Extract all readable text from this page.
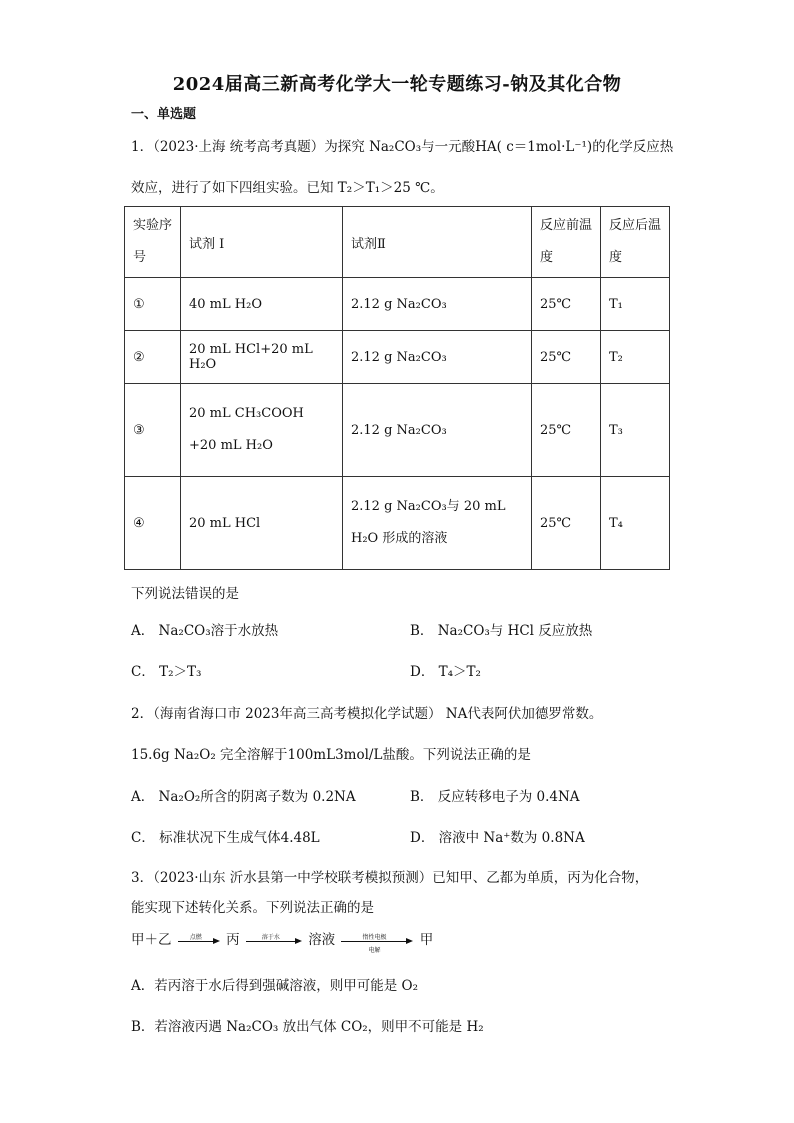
2024届高三新高考化学大一轮专题练习-钠及其化合物
一、单选题
1．（2023·上海 统考高考真题）为探究 Na₂CO₃与一元酸HA( c＝1mol·L⁻¹)的化学反应热
效应，进行了如下四组实验。已知 T₂＞T₁＞25 ℃。
实验序号	试剂 I	试剂Ⅱ	反应前温度	反应后温度
①	40 mL H₂O	2.12 g Na₂CO₃	25℃	T₁
②	20 mL HCl+20 mL H₂O	2.12 g Na₂CO₃	25℃	T₂
③	20 mL CH₃COOH +20 mL H₂O	2.12 g Na₂CO₃	25℃	T₃
④	20 mL HCl	2.12 g Na₂CO₃与 20 mL H₂O 形成的溶液	25℃	T₄
下列说法错误的是
A． Na₂CO₃溶于水放热	B． Na₂CO₃与 HCl 反应放热
C． T₂＞T₃	D． T₄＞T₂
2．（海南省海口市 2023年高三高考模拟化学试题） NA代表阿伏加德罗常数。
15.6g Na₂O₂ 完全溶解于100mL3mol/L盐酸。下列说法正确的是
A． Na₂O₂所含的阴离子数为 0.2NA	B． 反应转移电子为 0.4NA
C． 标准状况下生成气体4.48L	D． 溶液中 Na⁺数为 0.8NA
3．（2023·山东 沂水县第一中学校联考模拟预测）已知甲、乙都为单质，丙为化合物，
能实现下述转化关系。下列说法正确的是
甲＋乙	点燃	丙	溶于水	溶液	惰性电极
电解
甲
A．若丙溶于水后得到强碱溶液，则甲可能是 O₂
B．若溶液丙遇 Na₂CO₃ 放出气体 CO₂，则甲不可能是 H₂
